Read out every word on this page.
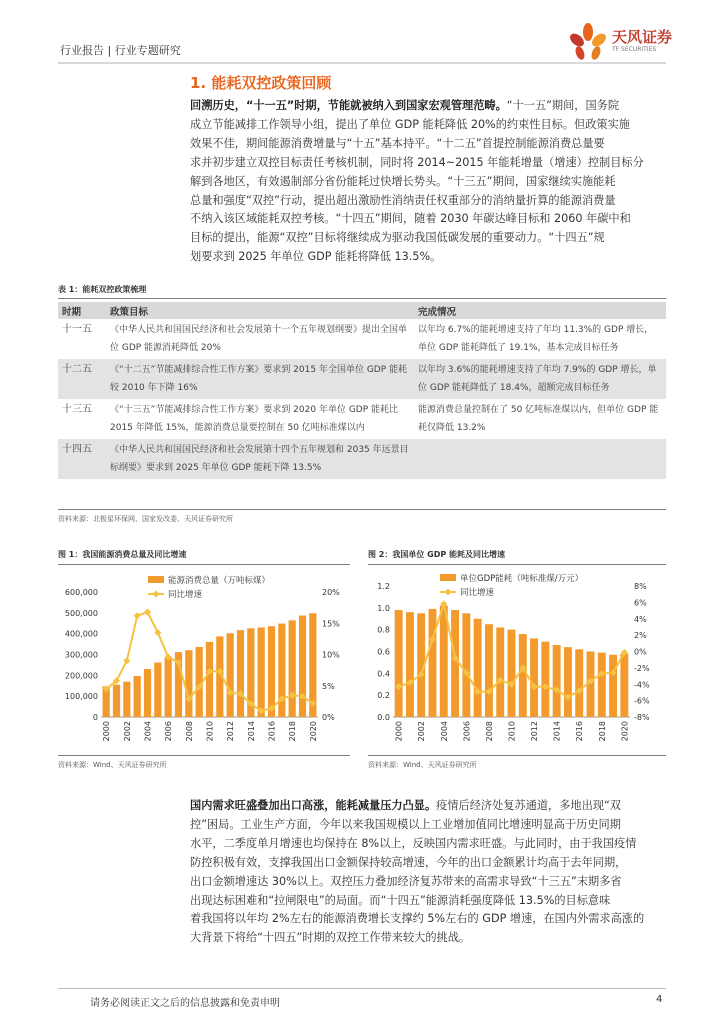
行业报告 | 行业专题研究
天风证券
TF SECURITIES
1. 能耗双控政策回顾
回溯历史，“十一五”时期，节能就被纳入到国家宏观管理范畴。“十一五”期间，国务院
成立节能减排工作领导小组，提出了单位 GDP 能耗降低 20%的约束性目标。但政策实施
效果不佳，期间能源消费增量与“十五”基本持平。“十二五”首提控制能源消费总量要
求并初步建立双控目标责任考核机制，同时将 2014~2015 年能耗增量（增速）控制目标分
解到各地区，有效遏制部分省份能耗过快增长势头。“十三五”期间，国家继续实施能耗
总量和强度“双控”行动，提出超出激励性消纳责任权重部分的消纳量折算的能源消费量
不纳入该区域能耗双控考核。“十四五”期间，随着 2030 年碳达峰目标和 2060 年碳中和
目标的提出，能源“双控”目标将继续成为驱动我国低碳发展的重要动力。“十四五”规
划要求到 2025 年单位 GDP 能耗将降低 13.5%。
表 1：能耗双控政策梳理
时期	政策目标	完成情况
十一五	《中华人民共和国国民经济和社会发展第十一个五年规划纲要》提出全国单位 GDP 能源消耗降低 20%	以年均 6.7%的能耗增速支持了年均 11.3%的 GDP 增长，单位 GDP 能耗降低了 19.1%，基本完成目标任务
十二五	《“十二五”节能减排综合性工作方案》要求到 2015 年全国单位 GDP 能耗较 2010 年下降 16%	以年均 3.6%的能耗增速支持了年均 7.9%的 GDP 增长，单位 GDP 能耗降低了 18.4%，超额完成目标任务
十三五	《“十三五”节能减排综合性工作方案》要求到 2020 年单位 GDP 能耗比 2015 年降低 15%，能源消费总量要控制在 50 亿吨标准煤以内	能源消费总量控制在了 50 亿吨标准煤以内，但单位 GDP 能耗仅降低 13.2%
十四五	《中华人民共和国国民经济和社会发展第十四个五年规划和 2035 年远景目标纲要》要求到 2025 年单位 GDP 能耗下降 13.5%	
资料来源：北极星环保网、国家发改委、天风证券研究所
图 1：我国能源消费总量及同比增速
0
100,000
200,000
300,000
400,000
500,000
600,000
0%
5%
10%
15%
20%
2000 2002 2004 2006 2008 2010 2012 2014 2016 2018 2020
能源消费总量（万吨标煤）
同比增速
资料来源：Wind、天风证券研究所
图 2：我国单位 GDP 能耗及同比增速
0.0
0.2
0.4
0.6
0.8
1.0
1.2
-8%
-6%
-4%
-2%
0%
2%
4%
6%
8%
2000 2002 2004 2006 2008 2010 2012 2014 2016 2018 2020
单位GDP能耗（吨标准煤/万元）
同比增速
资料来源：Wind、天风证券研究所
国内需求旺盛叠加出口高涨，能耗减量压力凸显。疫情后经济处复苏通道，多地出现“双
控”困局。工业生产方面，今年以来我国规模以上工业增加值同比增速明显高于历史同期
水平，二季度单月增速也均保持在 8%以上，反映国内需求旺盛。与此同时，由于我国疫情
防控积极有效，支撑我国出口金额保持较高增速，今年的出口金额累计均高于去年同期，
出口金额增速达 30%以上。双控压力叠加经济复苏带来的高需求导致“十三五”末期多省
出现达标困难和“拉闸限电”的局面。而“十四五”能源消耗强度降低 13.5%的目标意味
着我国将以年均 2%左右的能源消费增长支撑约 5%左右的 GDP 增速，在国内外需求高涨的
大背景下将给“十四五”时期的双控工作带来较大的挑战。
请务必阅读正文之后的信息披露和免责申明	4
